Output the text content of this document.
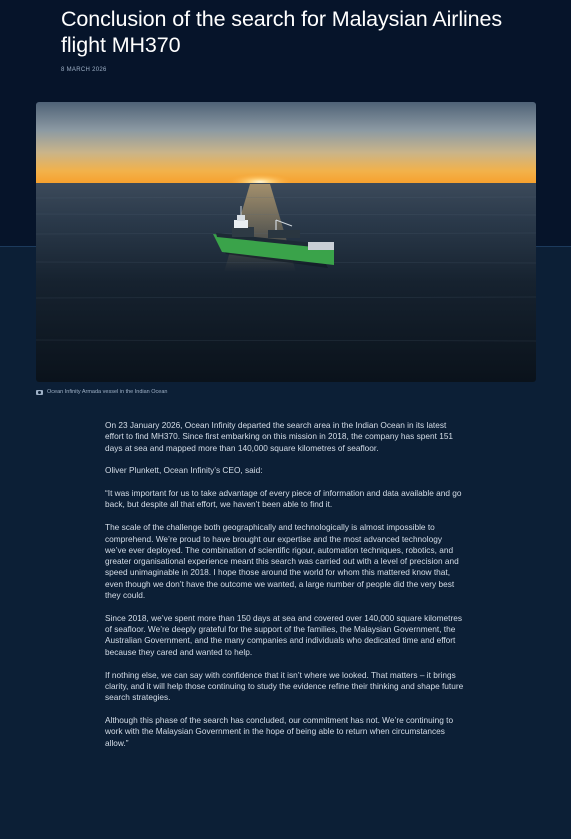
Conclusion of the search for Malaysian Airlines flight MH370
8 MARCH 2026
Ocean Infinity Armada vessel in the Indian Ocean

On 23 January 2026, Ocean Infinity departed the search area in the Indian Ocean in its latest effort to find MH370. Since first embarking on this mission in 2018, the company has spent 151 days at sea and mapped more than 140,000 square kilometres of seafloor.

Oliver Plunkett, Ocean Infinity’s CEO, said:

“It was important for us to take advantage of every piece of information and data available and go back, but despite all that effort, we haven’t been able to find it.

The scale of the challenge both geographically and technologically is almost impossible to comprehend. We’re proud to have brought our expertise and the most advanced technology we’ve ever deployed. The combination of scientific rigour, automation techniques, robotics, and greater organisational experience meant this search was carried out with a level of precision and speed unimaginable in 2018. I hope those around the world for whom this mattered know that, even though we don’t have the outcome we wanted, a large number of people did the very best they could.

Since 2018, we’ve spent more than 150 days at sea and covered over 140,000 square kilometres of seafloor. We’re deeply grateful for the support of the families, the Malaysian Government, the Australian Government, and the many companies and individuals who dedicated time and effort because they cared and wanted to help.

If nothing else, we can say with confidence that it isn’t where we looked. That matters – it brings clarity, and it will help those continuing to study the evidence refine their thinking and shape future search strategies.

Although this phase of the search has concluded, our commitment has not. We’re continuing to work with the Malaysian Government in the hope of being able to return when circumstances allow.”
